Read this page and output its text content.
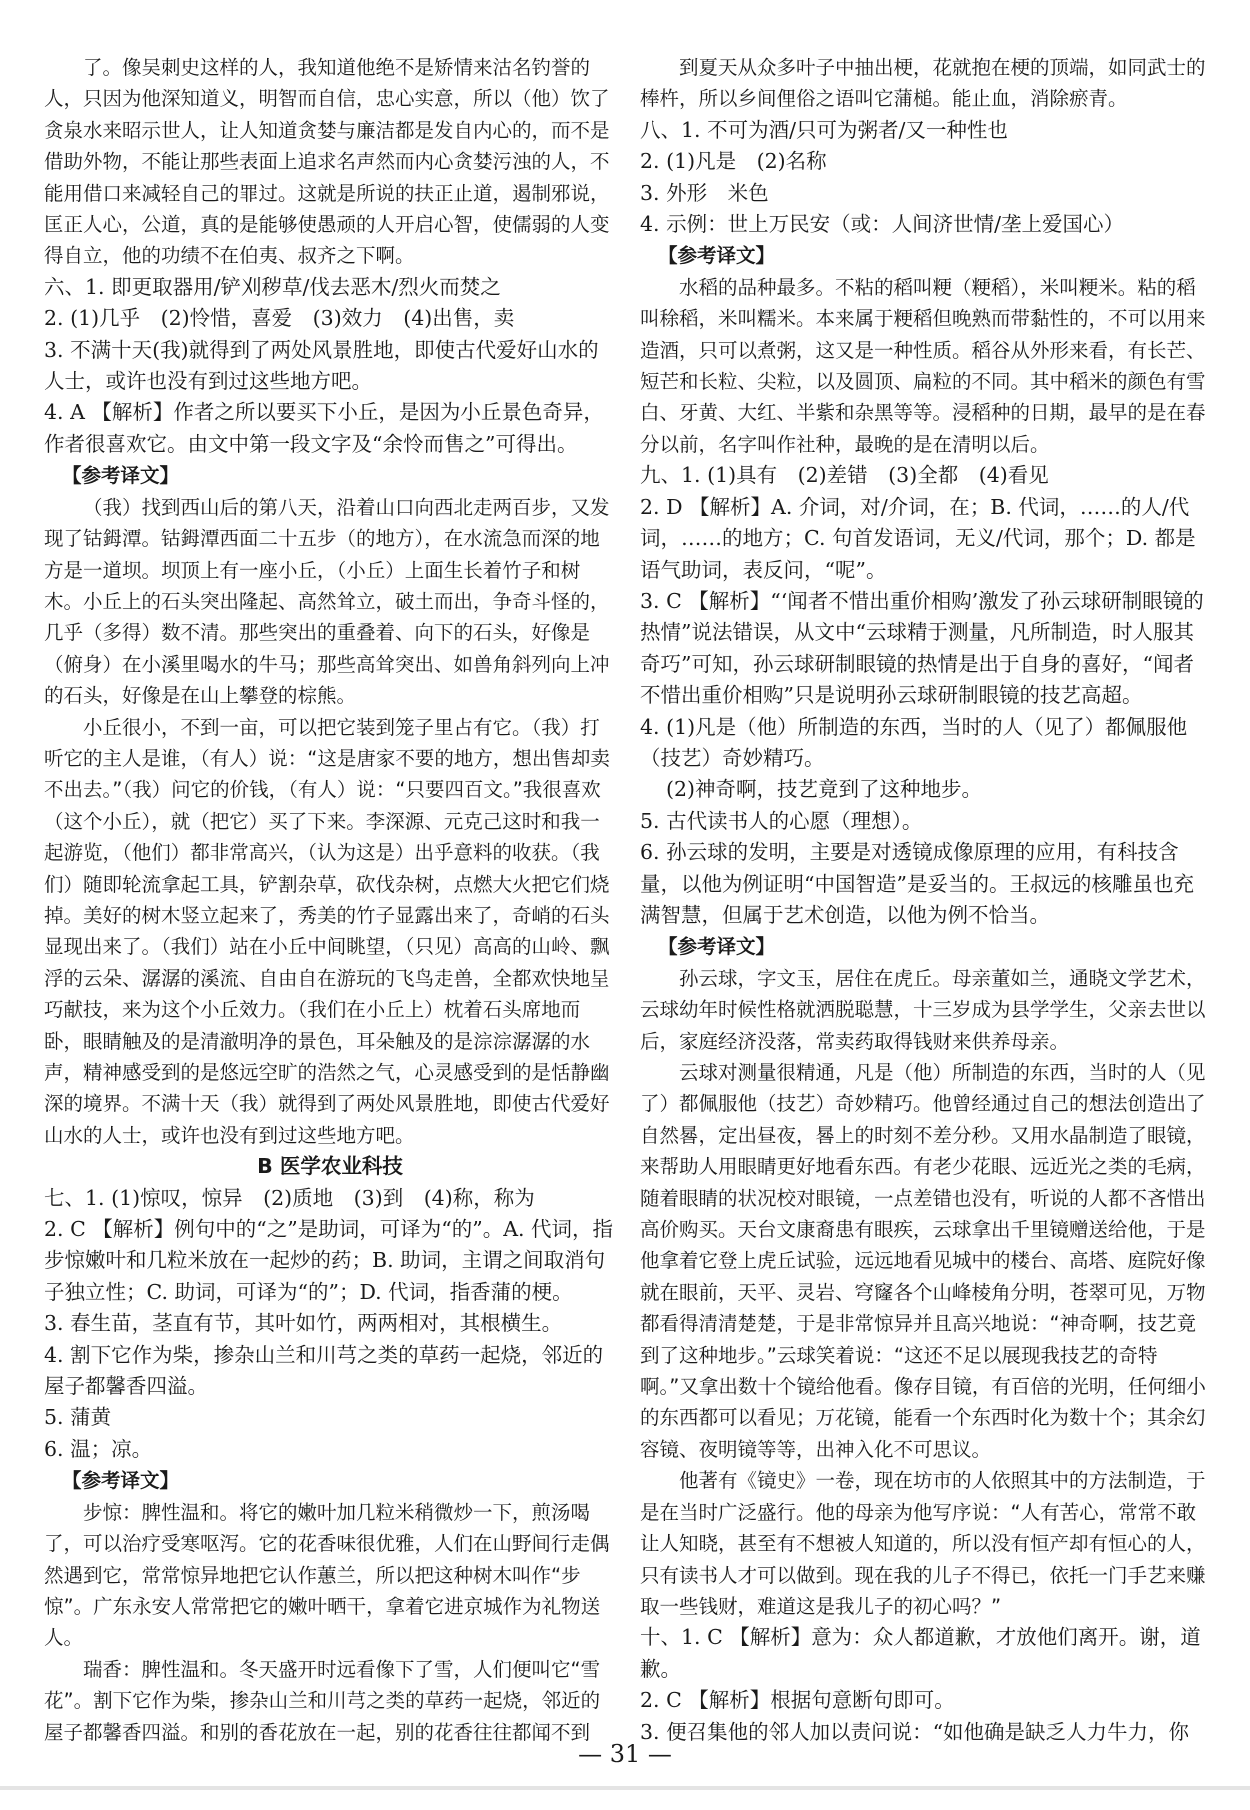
了。像吴刺史这样的人，我知道他绝不是矫情来沽名钓誉的人，只因为他深知道义，明智而自信，忠心实意，所以（他）饮了贪泉水来昭示世人，让人知道贪婪与廉洁都是发自内心的，而不是借助外物，不能让那些表面上追求名声然而内心贪婪污浊的人，不能用借口来减轻自己的罪过。这就是所说的扶正止道，遏制邪说，匡正人心，公道，真的是能够使愚顽的人开启心智，使儒弱的人变得自立，他的功绩不在伯夷、叔齐之下啊。
六、1. 即更取器用/铲刈秽草/伐去恶木/烈火而焚之
2. (1)几乎　(2)怜惜，喜爱　(3)效力　(4)出售，卖
3. 不满十天(我)就得到了两处风景胜地，即使古代爱好山水的人士，或许也没有到过这些地方吧。
4. A 【解析】作者之所以要买下小丘，是因为小丘景色奇异，作者很喜欢它。由文中第一段文字及“余怜而售之”可得出。
【参考译文】
（我）找到西山后的第八天，沿着山口向西北走两百步，又发现了钴鉧潭。钴鉧潭西面二十五步（的地方），在水流急而深的地方是一道坝。坝顶上有一座小丘，（小丘）上面生长着竹子和树木。小丘上的石头突出隆起、高然耸立，破土而出，争奇斗怪的，几乎（多得）数不清。那些突出的重叠着、向下的石头，好像是（俯身）在小溪里喝水的牛马；那些高耸突出、如兽角斜列向上冲的石头，好像是在山上攀登的棕熊。
小丘很小，不到一亩，可以把它装到笼子里占有它。（我）打听它的主人是谁，（有人）说：“这是唐家不要的地方，想出售却卖不出去。”（我）问它的价钱，（有人）说：“只要四百文。”我很喜欢（这个小丘），就（把它）买了下来。李深源、元克己这时和我一起游览，（他们）都非常高兴，（认为这是）出乎意料的收获。（我们）随即轮流拿起工具，铲割杂草，砍伐杂树，点燃大火把它们烧掉。美好的树木竖立起来了，秀美的竹子显露出来了，奇峭的石头显现出来了。（我们）站在小丘中间眺望，（只见）高高的山岭、飘浮的云朵、潺潺的溪流、自由自在游玩的飞鸟走兽，全都欢快地呈巧献技，来为这个小丘效力。（我们在小丘上）枕着石头席地而卧，眼睛触及的是清澈明净的景色，耳朵触及的是淙淙潺潺的水声，精神感受到的是悠远空旷的浩然之气，心灵感受到的是恬静幽深的境界。不满十天（我）就得到了两处风景胜地，即使古代爱好山水的人士，或许也没有到过这些地方吧。
B 医学农业科技
七、1. (1)惊叹，惊异　(2)质地　(3)到　(4)称，称为
2. C 【解析】例句中的“之”是助词，可译为“的”。A. 代词，指步惊嫩叶和几粒米放在一起炒的药；B. 助词，主谓之间取消句子独立性；C. 助词，可译为“的”；D. 代词，指香蒲的梗。
3. 春生苗，茎直有节，其叶如竹，两两相对，其根横生。
4. 割下它作为柴，掺杂山兰和川芎之类的草药一起烧，邻近的屋子都馨香四溢。
5. 蒲黄
6. 温；凉。
【参考译文】
步惊：脾性温和。将它的嫩叶加几粒米稍微炒一下，煎汤喝了，可以治疗受寒呕泻。它的花香味很优雅，人们在山野间行走偶然遇到它，常常惊异地把它认作蕙兰，所以把这种树木叫作“步惊”。广东永安人常常把它的嫩叶晒干，拿着它进京城作为礼物送人。
瑞香：脾性温和。冬天盛开时远看像下了雪，人们便叫它“雪花”。割下它作为柴，掺杂山兰和川芎之类的草药一起烧，邻近的屋子都馨香四溢。和别的香花放在一起，别的花香往往都闻不到
到夏天从众多叶子中抽出梗，花就抱在梗的顶端，如同武士的棒杵，所以乡间俚俗之语叫它蒲槌。能止血，消除瘀青。
八、1. 不可为酒/只可为粥者/又一种性也
2. (1)凡是　(2)名称
3. 外形　米色
4. 示例：世上万民安（或：人间济世情/垄上爱国心）
【参考译文】
水稻的品种最多。不粘的稻叫粳（粳稻），米叫粳米。粘的稻叫稌稻，米叫糯米。本来属于粳稻但晚熟而带黏性的，不可以用来造酒，只可以煮粥，这又是一种性质。稻谷从外形来看，有长芒、短芒和长粒、尖粒，以及圆顶、扁粒的不同。其中稻米的颜色有雪白、牙黄、大红、半紫和杂黑等等。浸稻种的日期，最早的是在春分以前，名字叫作社种，最晚的是在清明以后。
九、1. (1)具有　(2)差错　(3)全都　(4)看见
2. D 【解析】A. 介词，对/介词，在；B. 代词，……的人/代词，……的地方；C. 句首发语词，无义/代词，那个；D. 都是语气助词，表反问，“呢”。
3. C 【解析】“‘闻者不惜出重价相购’激发了孙云球研制眼镜的热情”说法错误，从文中“云球精于测量，凡所制造，时人服其奇巧”可知，孙云球研制眼镜的热情是出于自身的喜好，“闻者不惜出重价相购”只是说明孙云球研制眼镜的技艺高超。
4. (1)凡是（他）所制造的东西，当时的人（见了）都佩服他（技艺）奇妙精巧。
(2)神奇啊，技艺竟到了这种地步。
5. 古代读书人的心愿（理想）。
6. 孙云球的发明，主要是对透镜成像原理的应用，有科技含量，以他为例证明“中国智造”是妥当的。王叔远的核雕虽也充满智慧，但属于艺术创造，以他为例不恰当。
【参考译文】
孙云球，字文玉，居住在虎丘。母亲董如兰，通晓文学艺术，云球幼年时候性格就洒脱聪慧，十三岁成为县学学生，父亲去世以后，家庭经济没落，常卖药取得钱财来供养母亲。
云球对测量很精通，凡是（他）所制造的东西，当时的人（见了）都佩服他（技艺）奇妙精巧。他曾经通过自己的想法创造出了自然晷，定出昼夜，晷上的时刻不差分秒。又用水晶制造了眼镜，来帮助人用眼睛更好地看东西。有老少花眼、远近光之类的毛病，随着眼睛的状况校对眼镜，一点差错也没有，听说的人都不吝惜出高价购买。天台文康裔患有眼疾，云球拿出千里镜赠送给他，于是他拿着它登上虎丘试验，远远地看见城中的楼台、高塔、庭院好像就在眼前，天平、灵岩、穹窿各个山峰棱角分明，苍翠可见，万物都看得清清楚楚，于是非常惊异并且高兴地说：“神奇啊，技艺竟到了这种地步。”云球笑着说：“这还不足以展现我技艺的奇特啊。”又拿出数十个镜给他看。像存目镜，有百倍的光明，任何细小的东西都可以看见；万花镜，能看一个东西时化为数十个；其余幻容镜、夜明镜等等，出神入化不可思议。
他著有《镜史》一卷，现在坊市的人依照其中的方法制造，于是在当时广泛盛行。他的母亲为他写序说：“人有苦心，常常不敢让人知晓，甚至有不想被人知道的，所以没有恒产却有恒心的人，只有读书人才可以做到。现在我的儿子不得已，依托一门手艺来赚取一些钱财，难道这是我儿子的初心吗？”
十、1. C 【解析】意为：众人都道歉，才放他们离开。谢，道歉。
2. C 【解析】根据句意断句即可。
3. 便召集他的邻人加以责问说：“如他确是缺乏人力牛力，你
— 31 —
